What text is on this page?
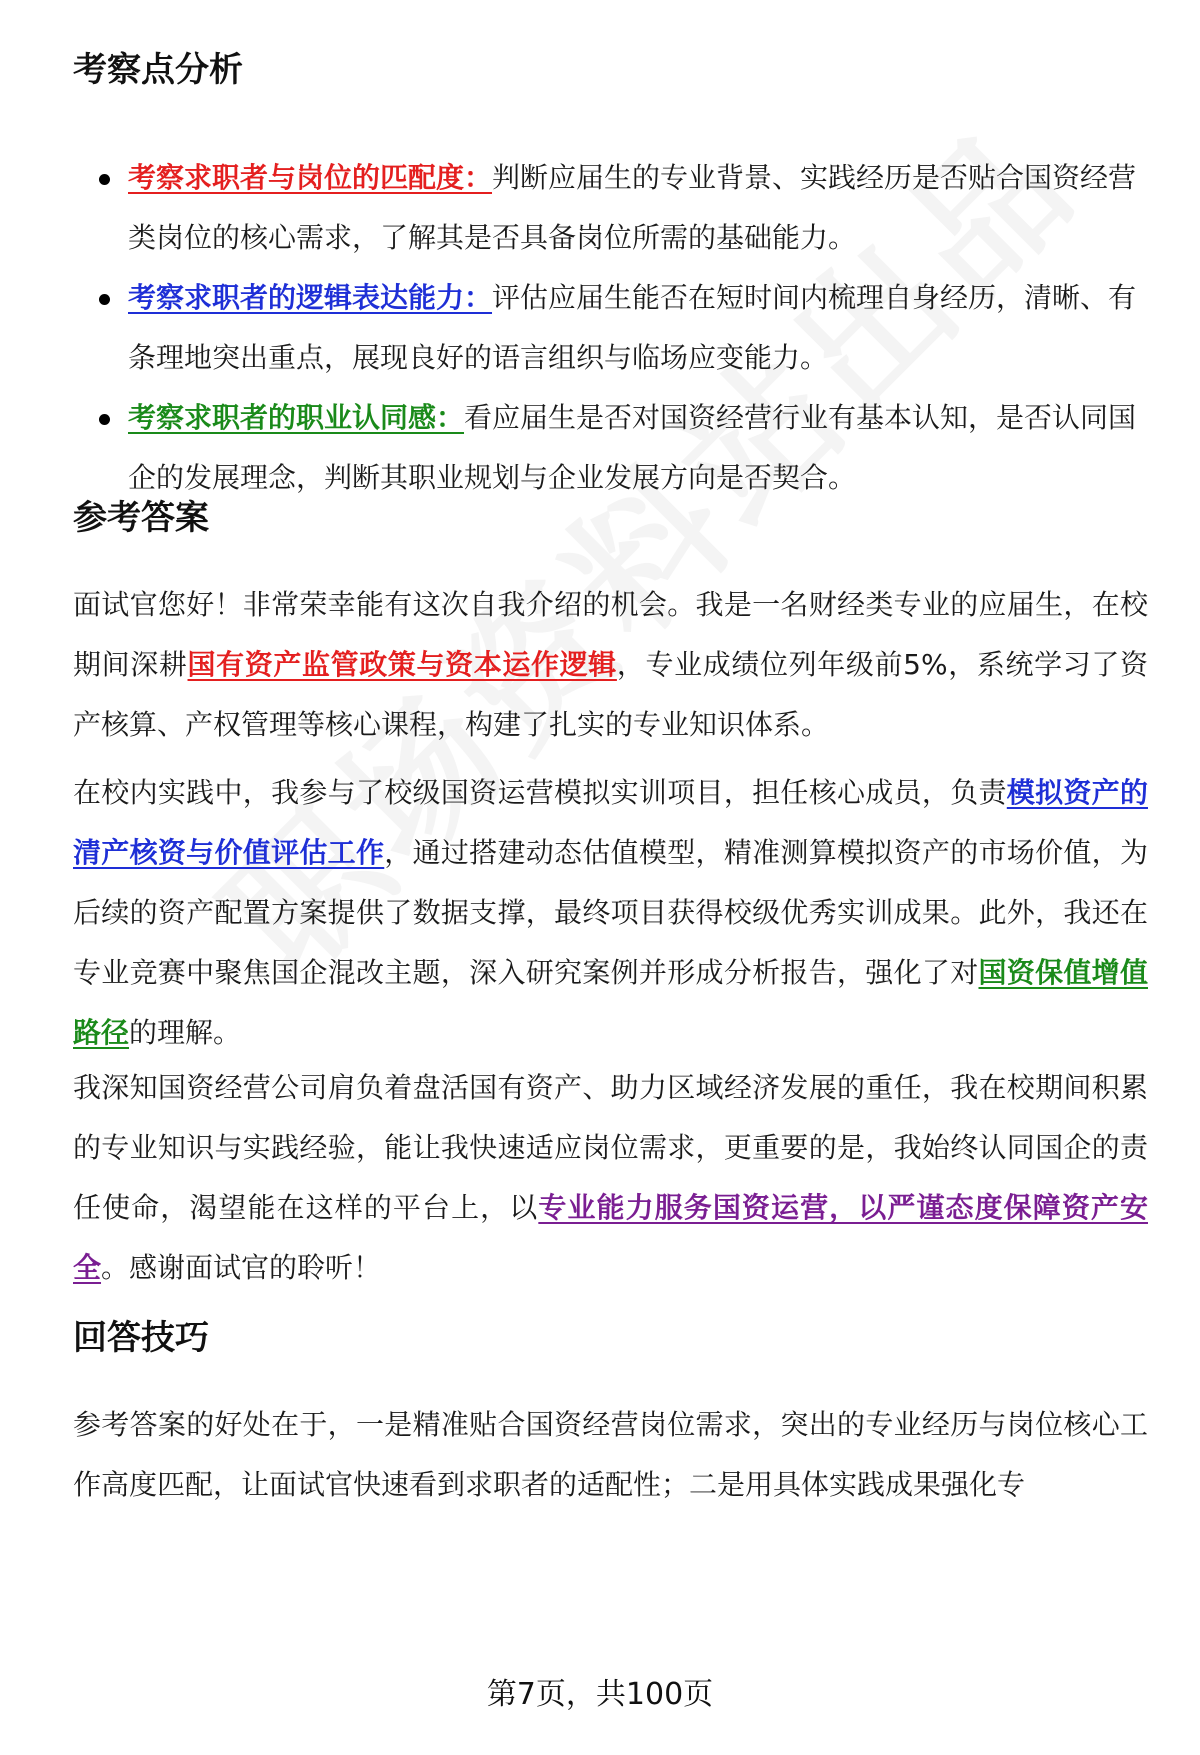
考察点分析
考察求职者与岗位的匹配度：判断应届生的专业背景、实践经历是否贴合国资经营类岗位的核心需求，了解其是否具备岗位所需的基础能力。
考察求职者的逻辑表达能力：评估应届生能否在短时间内梳理自身经历，清晰、有条理地突出重点，展现良好的语言组织与临场应变能力。
考察求职者的职业认同感：看应届生是否对国资经营行业有基本认知，是否认同国企的发展理念，判断其职业规划与企业发展方向是否契合。
参考答案

面试官您好！非常荣幸能有这次自我介绍的机会。我是一名财经类专业的应届生，在校期间深耕国有资产监管政策与资本运作逻辑，专业成绩位列年级前5%，系统学习了资产核算、产权管理等核心课程，构建了扎实的专业知识体系。

在校内实践中，我参与了校级国资运营模拟实训项目，担任核心成员，负责模拟资产的清产核资与价值评估工作，通过搭建动态估值模型，精准测算模拟资产的市场价值，为后续的资产配置方案提供了数据支撑，最终项目获得校级优秀实训成果。此外，我还在专业竞赛中聚焦国企混改主题，深入研究案例并形成分析报告，强化了对国资保值增值路径的理解。

我深知国资经营公司肩负着盘活国有资产、助力区域经济发展的重任，我在校期间积累的专业知识与实践经验，能让我快速适应岗位需求，更重要的是，我始终认同国企的责任使命，渴望能在这样的平台上，以专业能力服务国资运营，以严谨态度保障资产安全。感谢面试官的聆听！

回答技巧

参考答案的好处在于，一是精准贴合国资经营岗位需求，突出的专业经历与岗位核心工作高度匹配，让面试官快速看到求职者的适配性；二是用具体实践成果强化专

第7页，共100页
